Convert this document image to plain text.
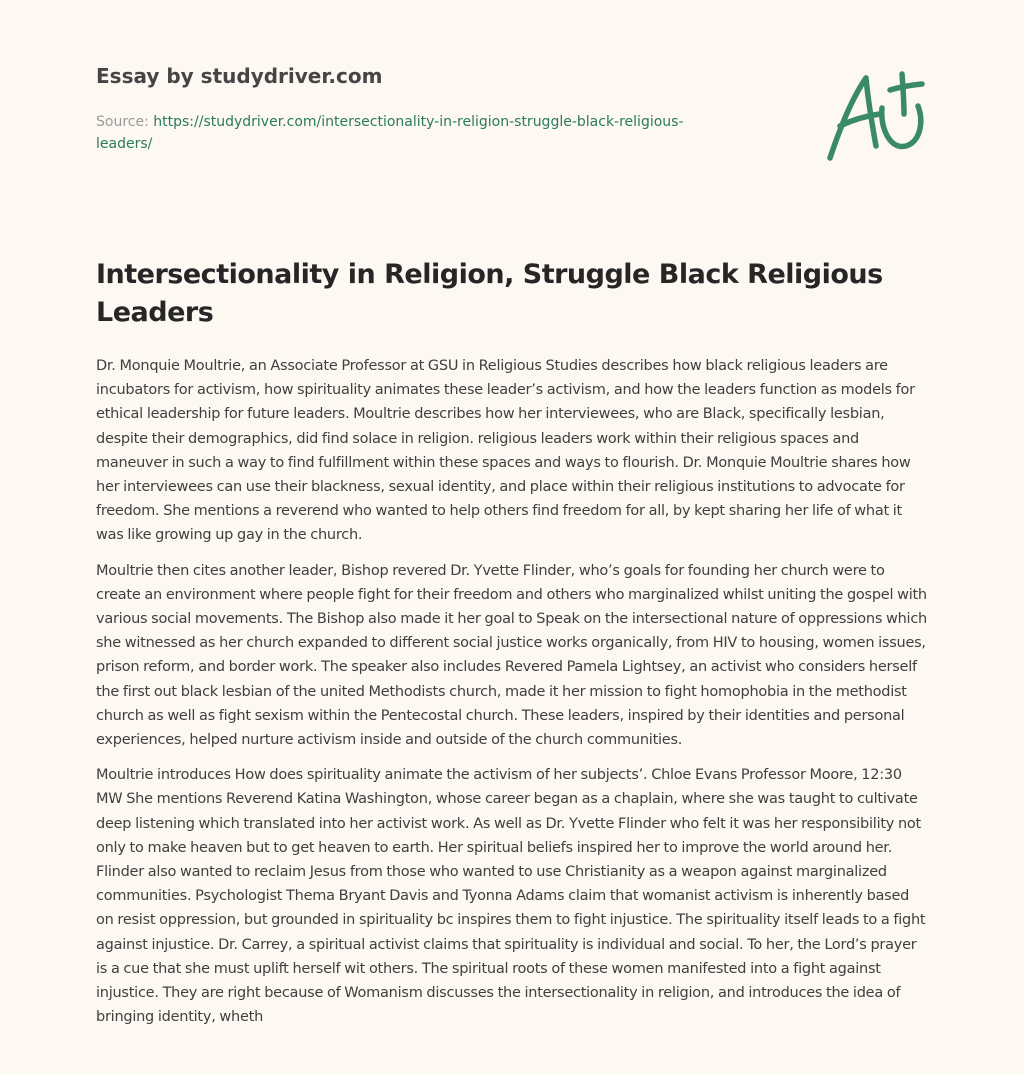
Essay by studydriver.com
Source: https://studydriver.com/intersectionality-in-religion-struggle-black-religious-leaders/
Intersectionality in Religion, Struggle Black Religious Leaders

Dr. Monquie Moultrie, an Associate Professor at GSU in Religious Studies describes how black religious leaders are incubators for activism, how spirituality animates these leader’s activism, and how the leaders function as models for ethical leadership for future leaders. Moultrie describes how her interviewees, who are Black, specifically lesbian, despite their demographics, did find solace in religion. religious leaders work within their religious spaces and maneuver in such a way to find fulfillment within these spaces and ways to flourish. Dr. Monquie Moultrie shares how her interviewees can use their blackness, sexual identity, and place within their religious institutions to advocate for freedom. She mentions a reverend who wanted to help others find freedom for all, by kept sharing her life of what it was like growing up gay in the church.

Moultrie then cites another leader, Bishop revered Dr. Yvette Flinder, who’s goals for founding her church were to create an environment where people fight for their freedom and others who marginalized whilst uniting the gospel with various social movements. The Bishop also made it her goal to Speak on the intersectional nature of oppressions which she witnessed as her church expanded to different social justice works organically, from HIV to housing, women issues, prison reform, and border work. The speaker also includes Revered Pamela Lightsey, an activist who considers herself the first out black lesbian of the united Methodists church, made it her mission to fight homophobia in the methodist church as well as fight sexism within the Pentecostal church. These leaders, inspired by their identities and personal experiences, helped nurture activism inside and outside of the church communities.

Moultrie introduces How does spirituality animate the activism of her subjects’. Chloe Evans Professor Moore, 12:30 MW She mentions Reverend Katina Washington, whose career began as a chaplain, where she was taught to cultivate deep listening which translated into her activist work. As well as Dr. Yvette Flinder who felt it was her responsibility not only to make heaven but to get heaven to earth. Her spiritual beliefs inspired her to improve the world around her. Flinder also wanted to reclaim Jesus from those who wanted to use Christianity as a weapon against marginalized communities. Psychologist Thema Bryant Davis and Tyonna Adams claim that womanist activism is inherently based on resist oppression, but grounded in spirituality bc inspires them to fight injustice. The spirituality itself leads to a fight against injustice. Dr. Carrey, a spiritual activist claims that spirituality is individual and social. To her, the Lord’s prayer is a cue that she must uplift herself wit others. The spiritual roots of these women manifested into a fight against injustice. They are right because of Womanism discusses the intersectionality in religion, and introduces the idea of bringing identity, wheth
